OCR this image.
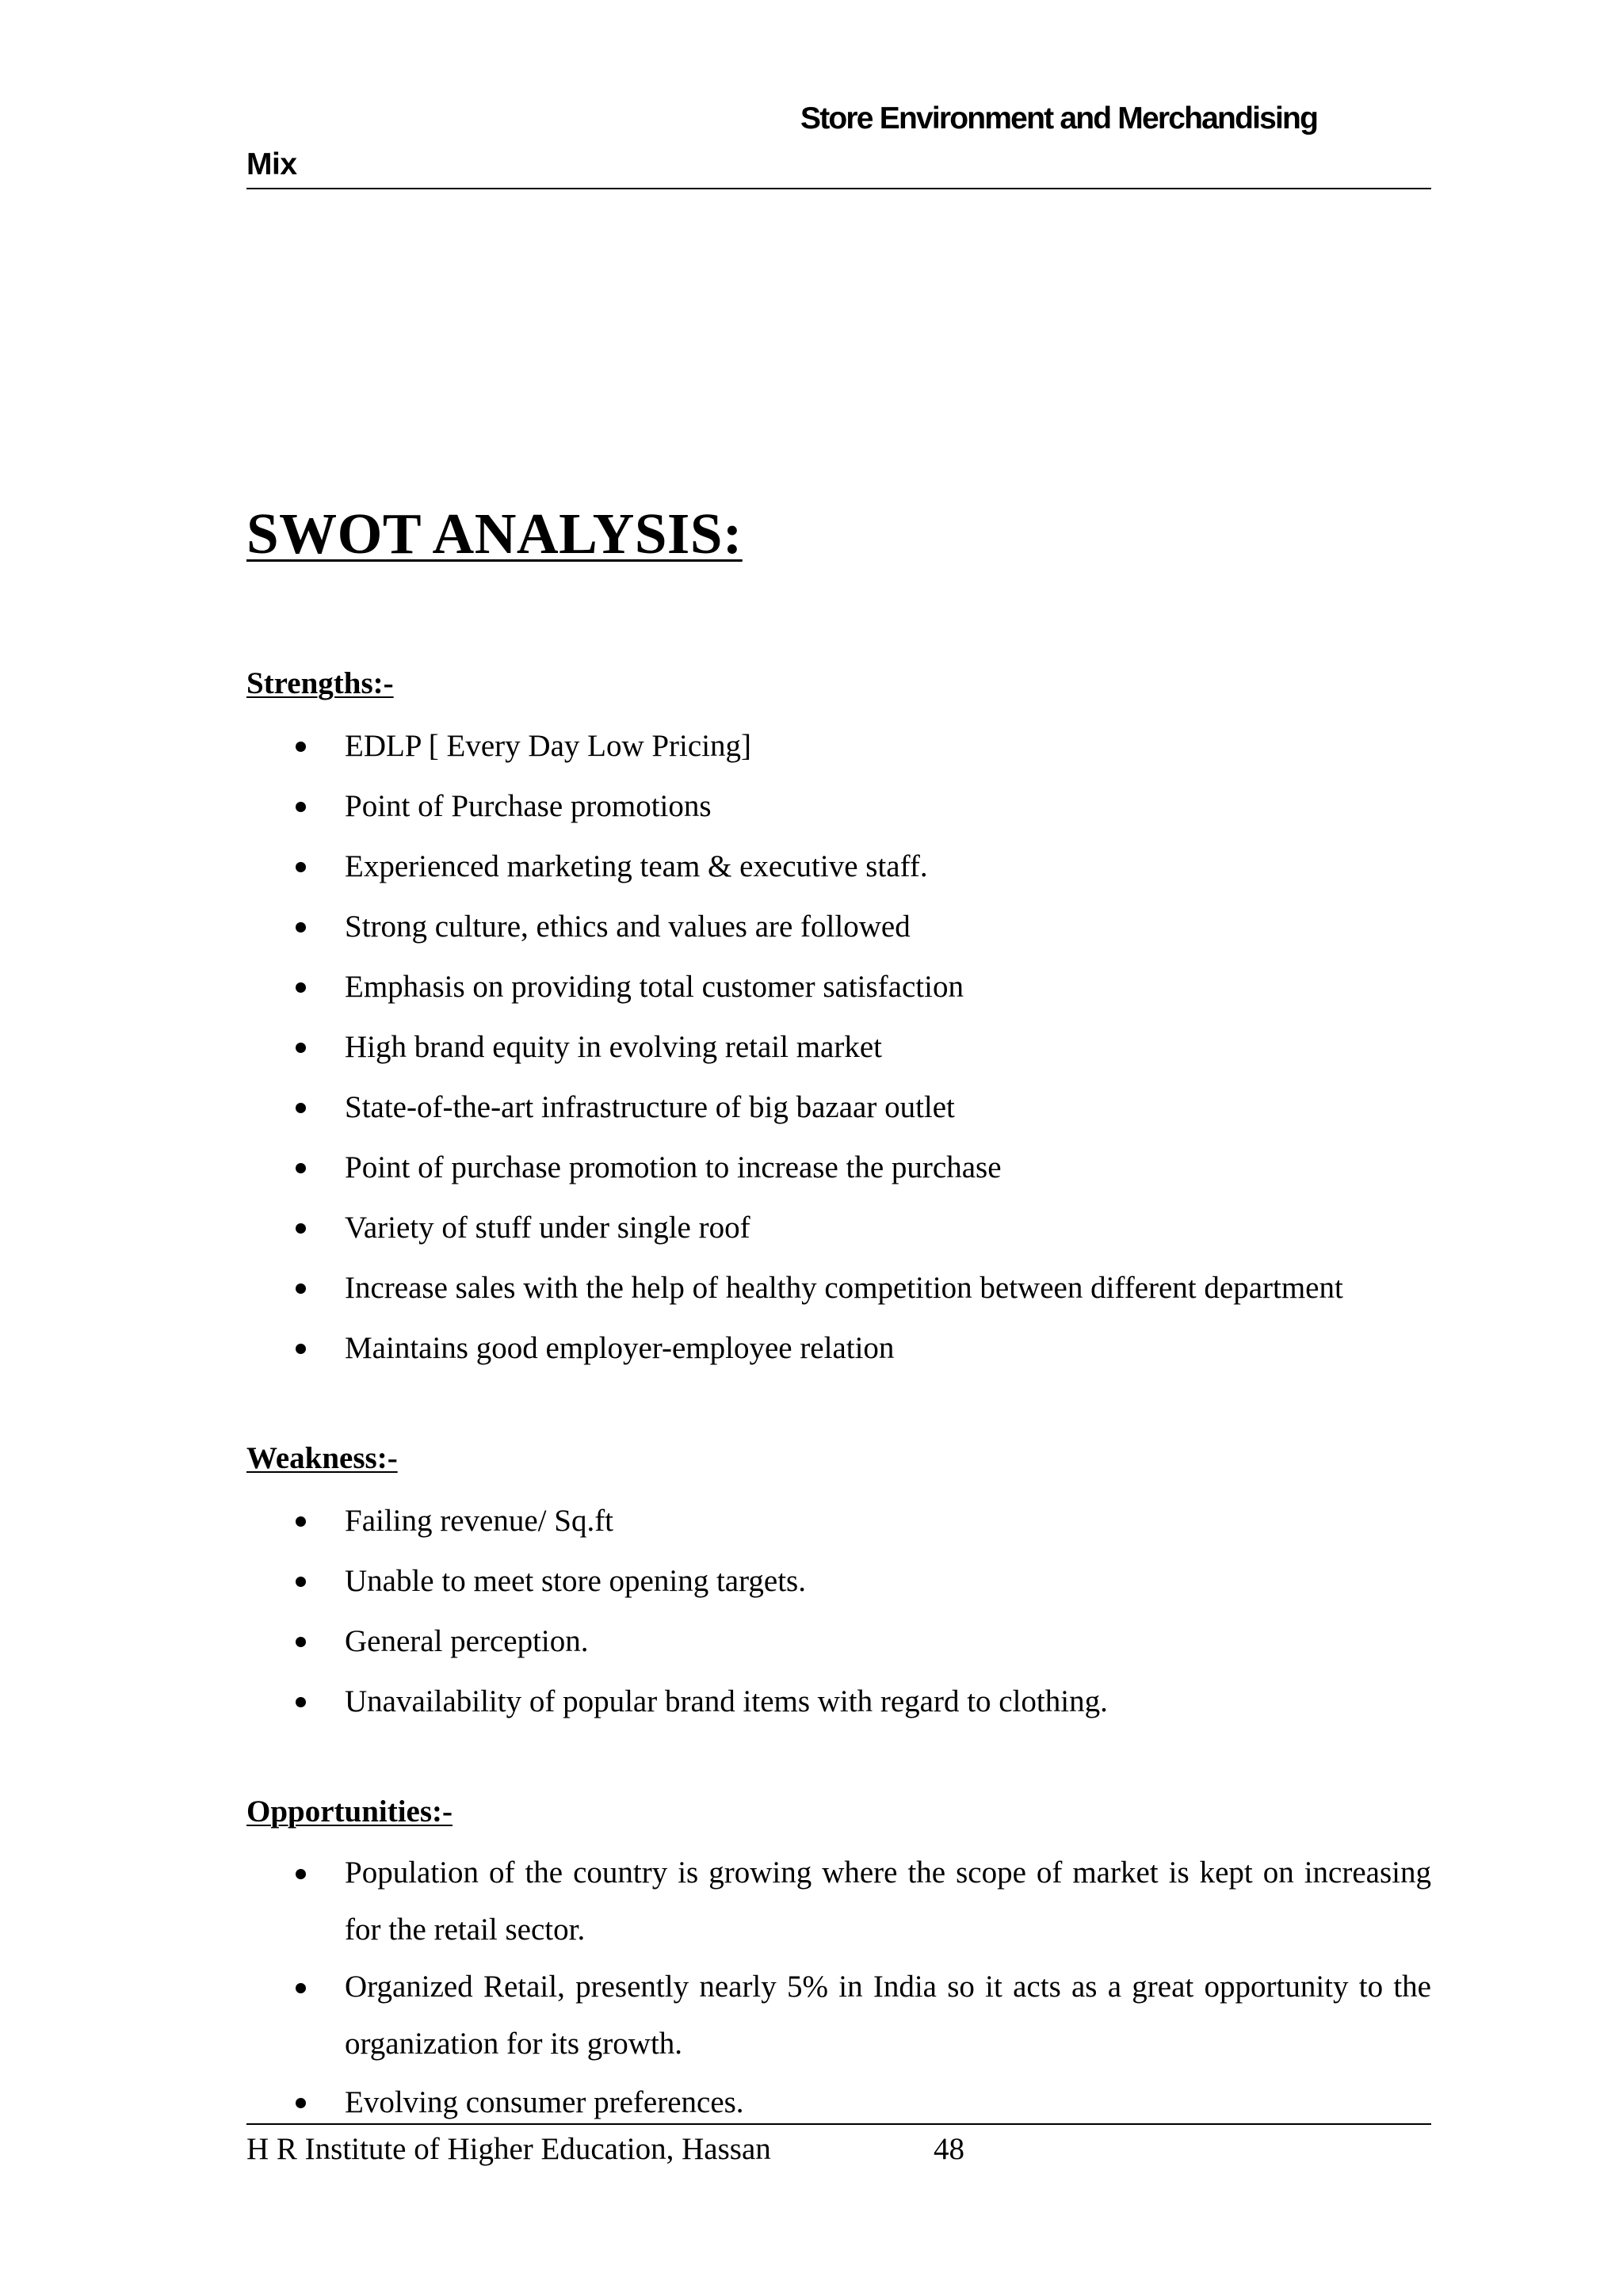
Store Environment and Merchandising
Mix
SWOT ANALYSIS:
Strengths:-
EDLP [ Every Day Low Pricing]
Point of Purchase promotions
Experienced marketing team & executive staff.
Strong culture, ethics and values are followed
Emphasis on providing total customer satisfaction
High brand equity in evolving retail market
State-of-the-art infrastructure of big bazaar outlet
Point of purchase promotion to increase the purchase
Variety of stuff under single roof
Increase sales with the help of healthy competition between different department
Maintains good employer-employee relation
Weakness:-
Failing revenue/ Sq.ft
Unable to meet store opening targets.
General perception.
Unavailability of popular brand items with regard to clothing.
Opportunities:-
Population of the country is growing where the scope of market is kept on increasing for the retail sector.
Organized Retail, presently nearly 5% in India so it acts as a great opportunity to the organization for its growth.
Evolving consumer preferences.
H R Institute of Higher Education, Hassan	48
